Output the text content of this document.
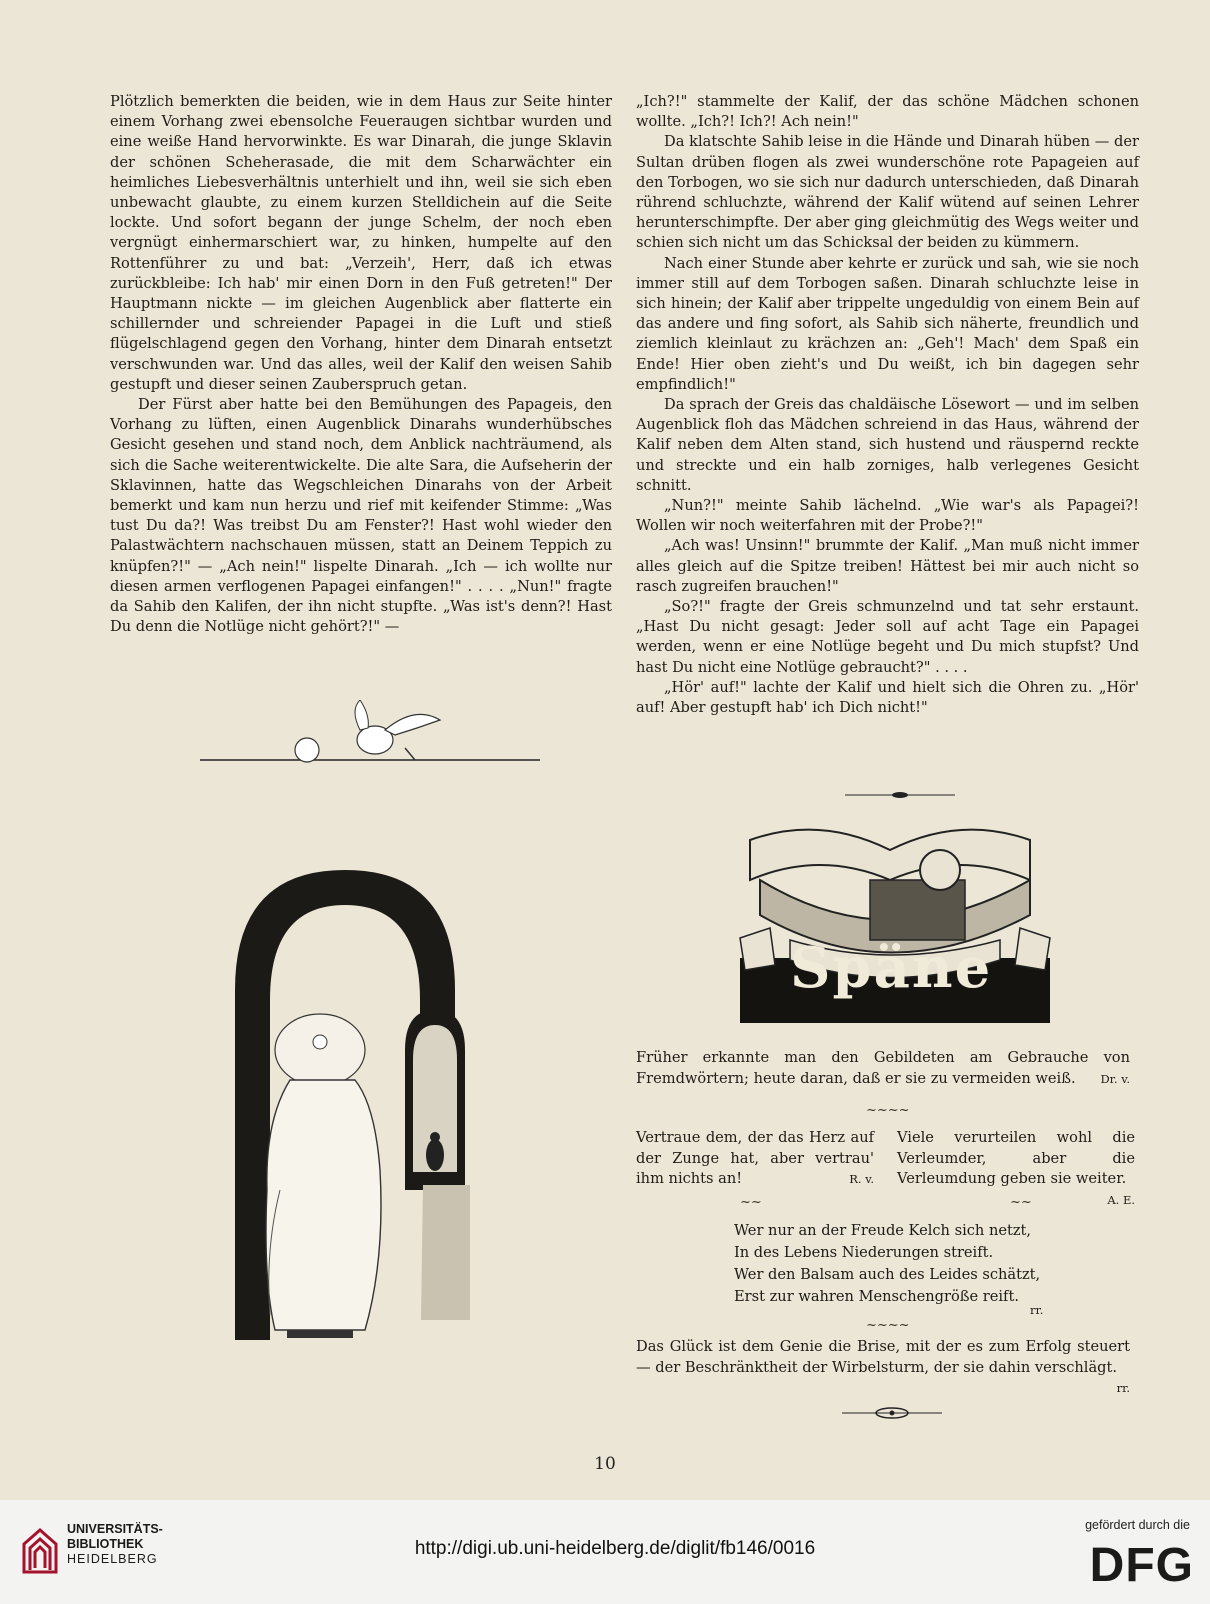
Plötzlich bemerkten die beiden, wie in dem Haus zur Seite hinter einem Vorhang zwei ebensolche Feueraugen sichtbar wurden und eine weiße Hand hervorwinkte. Es war Dinarah, die junge Sklavin der schönen Scheherasade, die mit dem Scharwächter ein heimliches Liebesverhältnis unterhielt und ihn, weil sie sich eben unbewacht glaubte, zu einem kurzen Stelldichein auf die Seite lockte. Und sofort begann der junge Schelm, der noch eben vergnügt einhermarschiert war, zu hinken, humpelte auf den Rottenführer zu und bat: „Verzeih', Herr, daß ich etwas zurückbleibe: Ich hab' mir einen Dorn in den Fuß getreten!" Der Hauptmann nickte — im gleichen Augenblick aber flatterte ein schillernder und schreiender Papagei in die Luft und stieß flügelschlagend gegen den Vorhang, hinter dem Dinarah entsetzt verschwunden war. Und das alles, weil der Kalif den weisen Sahib gestupft und dieser seinen Zauberspruch getan.

Der Fürst aber hatte bei den Bemühungen des Papageis, den Vorhang zu lüften, einen Augenblick Dinarahs wunderhübsches Gesicht gesehen und stand noch, dem Anblick nachträumend, als sich die Sache weiterentwickelte. Die alte Sara, die Aufseherin der Sklavinnen, hatte das Wegschleichen Dinarahs von der Arbeit bemerkt und kam nun herzu und rief mit keifender Stimme: „Was tust Du da?! Was treibst Du am Fenster?! Hast wohl wieder den Palastwächtern nachschauen müssen, statt an Deinem Teppich zu knüpfen?!" — „Ach nein!" lispelte Dinarah. „Ich — ich wollte nur diesen armen verflogenen Papagei einfangen!" . . . . „Nun!" fragte da Sahib den Kalifen, der ihn nicht stupfte. „Was ist's denn?! Hast Du denn die Notlüge nicht gehört?!" —

„Ich?!" stammelte der Kalif, der das schöne Mädchen schonen wollte. „Ich?! Ich?! Ach nein!"

Da klatschte Sahib leise in die Hände und Dinarah hüben — der Sultan drüben flogen als zwei wunderschöne rote Papageien auf den Torbogen, wo sie sich nur dadurch unterschieden, daß Dinarah rührend schluchzte, während der Kalif wütend auf seinen Lehrer herunterschimpfte. Der aber ging gleichmütig des Wegs weiter und schien sich nicht um das Schicksal der beiden zu kümmern.

Nach einer Stunde aber kehrte er zurück und sah, wie sie noch immer still auf dem Torbogen saßen. Dinarah schluchzte leise in sich hinein; der Kalif aber trippelte ungeduldig von einem Bein auf das andere und fing sofort, als Sahib sich näherte, freundlich und ziemlich kleinlaut zu krächzen an: „Geh'! Mach' dem Spaß ein Ende! Hier oben zieht's und Du weißt, ich bin dagegen sehr empfindlich!"

Da sprach der Greis das chaldäische Lösewort — und im selben Augenblick floh das Mädchen schreiend in das Haus, während der Kalif neben dem Alten stand, sich hustend und räuspernd reckte und streckte und ein halb zorniges, halb verlegenes Gesicht schnitt.

„Nun?!" meinte Sahib lächelnd. „Wie war's als Papagei?! Wollen wir noch weiterfahren mit der Probe?!"

„Ach was! Unsinn!" brummte der Kalif. „Man muß nicht immer alles gleich auf die Spitze treiben! Hättest bei mir auch nicht so rasch zugreifen brauchen!"

„So?!" fragte der Greis schmunzelnd und tat sehr erstaunt. „Hast Du nicht gesagt: Jeder soll auf acht Tage ein Papagei werden, wenn er eine Notlüge begeht und Du mich stupfst? Und hast Du nicht eine Notlüge gebraucht?" . . . .

„Hör' auf!" lachte der Kalif und hielt sich die Ohren zu. „Hör' auf! Aber gestupft hab' ich Dich nicht!"

Späne
Früher erkannte man den Gebildeten am Gebrauche von Fremdwörtern; heute daran, daß er sie zu vermeiden weiß. Dr. v.
~~~~
Vertraue dem, der das Herz auf der Zunge hat, aber vertrau' ihm nichts an!	R. v.
Viele verurteilen wohl die Verleumder, aber die Verleumdung geben sie weiter.
A. E.
~~	~~
Wer nur an der Freude Kelch sich netzt,
In des Lebens Niederungen streift.
Wer den Balsam auch des Leides schätzt,
Erst zur wahren Menschengröße reift.
rr.
~~~~
Das Glück ist dem Genie die Brise, mit der es zum Erfolg steuert — der Beschränktheit der Wirbelsturm, der sie dahin verschlägt.
rr.
10
UNIVERSITÄTS-
BIBLIOTHEK
HEIDELBERG	http://digi.ub.uni-heidelberg.de/diglit/fb146/0016
gefördert durch die
DFG
